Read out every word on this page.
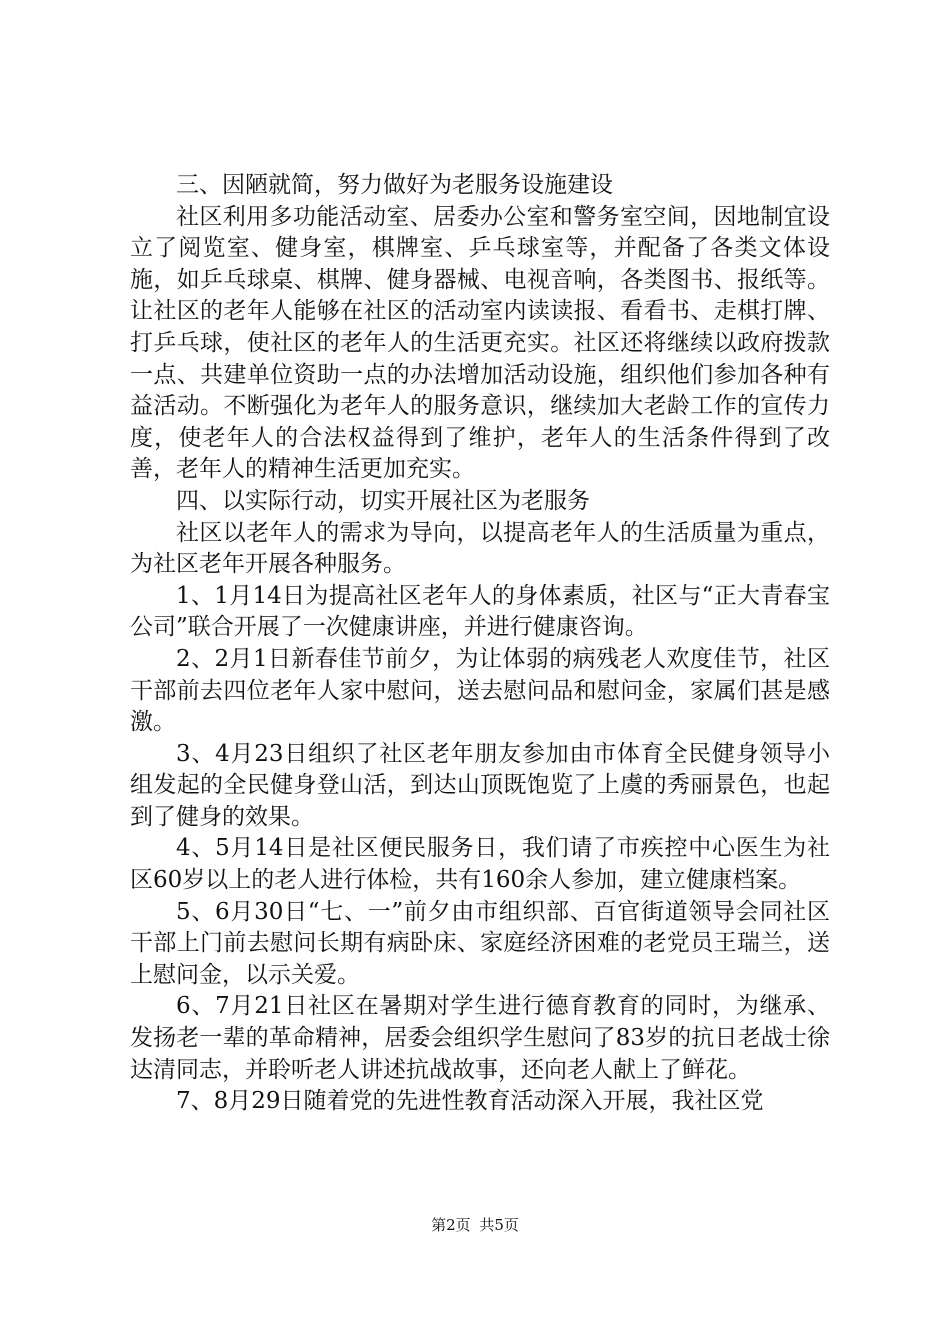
三、因陋就简，努力做好为老服务设施建设

社区利用多功能活动室、居委办公室和警务室空间，因地制宜设立了阅览室、健身室，棋牌室、乒乓球室等，并配备了各类文体设施，如乒乓球桌、棋牌、健身器械、电视音响，各类图书、报纸等。让社区的老年人能够在社区的活动室内读读报、看看书、走棋打牌、打乒乓球，使社区的老年人的生活更充实。社区还将继续以政府拨款一点、共建单位资助一点的办法增加活动设施，组织他们参加各种有益活动。不断强化为老年人的服务意识，继续加大老龄工作的宣传力度，使老年人的合法权益得到了维护，老年人的生活条件得到了改善，老年人的精神生活更加充实。

四、以实际行动，切实开展社区为老服务

社区以老年人的需求为导向，以提高老年人的生活质量为重点，为社区老年开展各种服务。

1、1月14日为提高社区老年人的身体素质，社区与“正大青春宝公司”联合开展了一次健康讲座，并进行健康咨询。

2、2月1日新春佳节前夕，为让体弱的病残老人欢度佳节，社区干部前去四位老年人家中慰问，送去慰问品和慰问金，家属们甚是感激。

3、4月23日组织了社区老年朋友参加由市体育全民健身领导小组发起的全民健身登山活，到达山顶既饱览了上虞的秀丽景色，也起到了健身的效果。

4、5月14日是社区便民服务日，我们请了市疾控中心医生为社区60岁以上的老人进行体检，共有160余人参加，建立健康档案。

5、6月30日“七、一”前夕由市组织部、百官街道领导会同社区干部上门前去慰问长期有病卧床、家庭经济困难的老党员王瑞兰，送上慰问金，以示关爱。

6、7月21日社区在暑期对学生进行德育教育的同时，为继承、发扬老一辈的革命精神，居委会组织学生慰问了83岁的抗日老战士徐达清同志，并聆听老人讲述抗战故事，还向老人献上了鲜花。

7、8月29日随着党的先进性教育活动深入开展，我社区党

第2页 共5页
